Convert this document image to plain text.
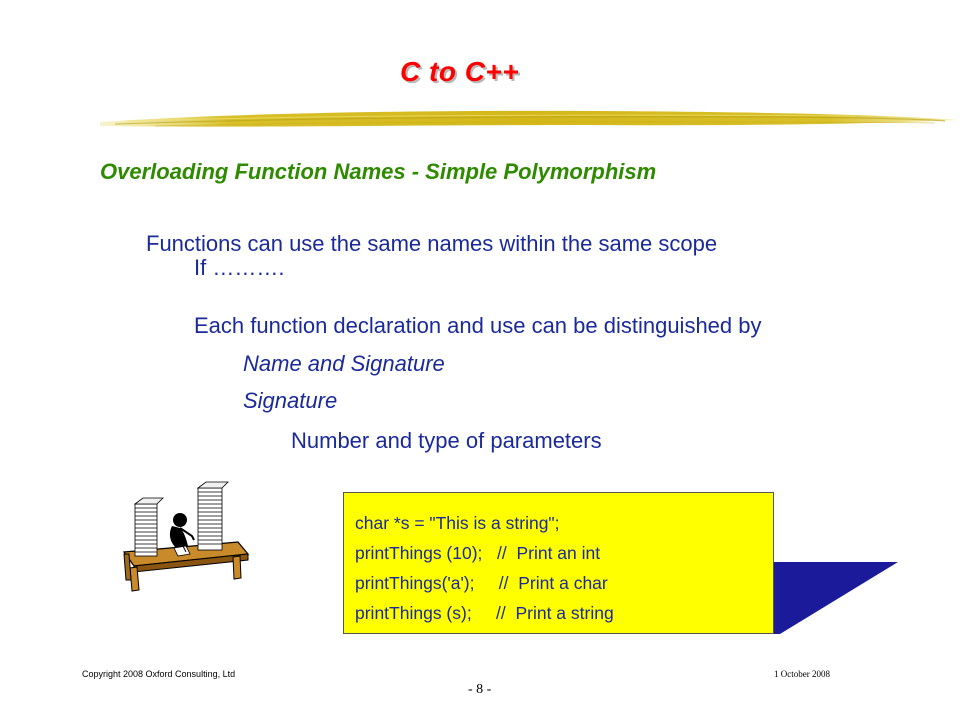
C to C++
Overloading Function Names - Simple Polymorphism
Functions can use the same names within the same scope
If ……….
Each function declaration and use can be distinguished by
Name and Signature
Signature
Number and type of parameters
char *s = "This is a string";
printThings (10);   //  Print an int
printThings('a');     //  Print a char
printThings (s);     //  Print a string
Copyright 2008 Oxford Consulting, Ltd	1 October 2008
- 8 -
